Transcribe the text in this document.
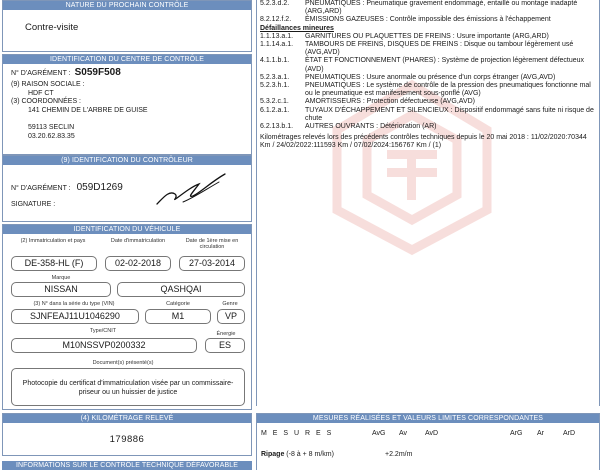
NATURE DU PROCHAIN CONTRÔLE
Contre-visite
IDENTIFICATION DU CENTRE DE CONTRÔLE
N° D'AGRÉMENT : S059F508
(9) RAISON SOCIALE :
HDF CT
(3) COORDONNÉES :
141 CHEMIN DE L'ARBRE DE GUISE
59113 SECLIN
03.20.62.83.35
(9) IDENTIFICATION DU CONTRÔLEUR
N° D'AGRÉMENT : 059D1269
SIGNATURE :
IDENTIFICATION DU VÉHICULE
(2) Immatriculation et pays	Date d'immatriculation	Date de 1ère mise en circulation
DE-358-HL (F)	02-02-2018	27-03-2014
Marque
NISSAN	QASHQAI
(3) N° dans la série du type (VIN)	Catégorie	Genre
SJNFEAJ11U1046290	M1	VP
Type/CNIT	Énergie
M10NSSVP0200332	ES
Document(s) présenté(s)
Photocopie du certificat d'immatriculation visée par un commissaire-priseur ou un huissier de justice
(4) KILOMÉTRAGE RELEVÉ
179886
INFORMATIONS SUR LE CONTRÔLE TECHNIQUE DÉFAVORABLE
5.2.3.d.2.	PNEUMATIQUES : Pneumatique gravement endommagé, entaillé ou montage inadapté (ARG,ARD)
8.2.12.f.2.	ÉMISSIONS GAZEUSES : Contrôle impossible des émissions à l'échappement
Défaillances mineures
1.1.13.a.1.	GARNITURES OU PLAQUETTES DE FREINS : Usure importante (ARG,ARD)
1.1.14.a.1.	TAMBOURS DE FREINS, DISQUES DE FREINS : Disque ou tambour légèrement usé (AVG,AVD)
4.1.1.b.1.	ÉTAT ET FONCTIONNEMENT (PHARES) : Système de projection légèrement défectueux (AVD)
5.2.3.a.1.	PNEUMATIQUES : Usure anormale ou présence d'un corps étranger (AVG,AVD)
5.2.3.h.1.	PNEUMATIQUES : Le système de contrôle de la pression des pneumatiques fonctionne mal ou le pneumatique est manifestement sous-gonflé (AVG)
5.3.2.c.1.	AMORTISSEURS : Protection défectueuse (AVG,AVD)
6.1.2.a.1.	TUYAUX D'ÉCHAPPEMENT ET SILENCIEUX : Dispositif endommagé sans fuite ni risque de chute
6.2.13.b.1.	AUTRES OUVRANTS : Détérioration (AR)
Kilométrages relevés lors des précédents contrôles techniques depuis le 20 mai 2018 : 11/02/2020:70344 Km / 24/02/2022:111593 Km / 07/02/2024:156767 Km / (1)
MESURES RÉALISÉES ET VALEURS LIMITES CORRESPONDANTES
M E S U R E S	AvG Av	AvD	ArG Ar	ArD
Ripage (-8 à + 8 m/km)	+2.2m/m
